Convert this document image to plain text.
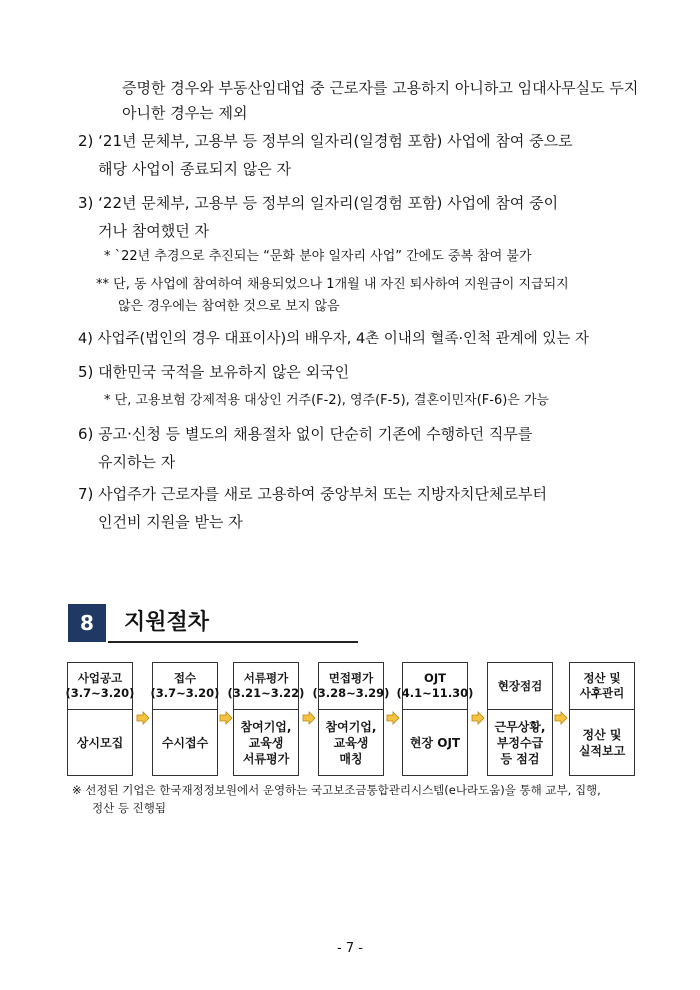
증명한 경우와 부동산임대업 중 근로자를 고용하지 아니하고 임대사무실도 두지
아니한 경우는 제외
2) ‘21년 문체부, 고용부 등 정부의 일자리(일경험 포함) 사업에 참여 중으로
해당 사업이 종료되지 않은 자
3) ‘22년 문체부, 고용부 등 정부의 일자리(일경험 포함) 사업에 참여 중이
거나 참여했던 자
* `22년 추경으로 추진되는 “문화 분야 일자리 사업” 간에도 중복 참여 불가
** 단, 동 사업에 참여하여 채용되었으나 1개월 내 자진 퇴사하여 지원금이 지급되지
않은 경우에는 참여한 것으로 보지 않음
4) 사업주(법인의 경우 대표이사)의 배우자, 4촌 이내의 혈족·인척 관계에 있는 자
5) 대한민국 국적을 보유하지 않은 외국인
* 단, 고용보험 강제적용 대상인 거주(F-2), 영주(F-5), 결혼이민자(F-6)은 가능
6) 공고·신청 등 별도의 채용절차 없이 단순히 기존에 수행하던 직무를
유지하는 자
7) 사업주가 근로자를 새로 고용하여 중앙부처 또는 지방자치단체로부터
인건비 지원을 받는 자
8	지원절차
사업공고
(3.7~3.20)
상시모집
접수
(3.7~3.20)
수시접수
서류평가
(3.21~3.22)
참여기업,
교육생
서류평가
면접평가
(3.28~3.29)
참여기업,
교육생
매칭
OJT
(4.1~11.30)
현장 OJT
현장점검
근무상황,
부정수급
등 점검
정산 및
사후관리
정산 및
실적보고
※ 선정된 기업은 한국재정정보원에서 운영하는 국고보조금통합관리시스템(e나라도움)을 통해 교부, 집행,
정산 등 진행됨
- 7 -
